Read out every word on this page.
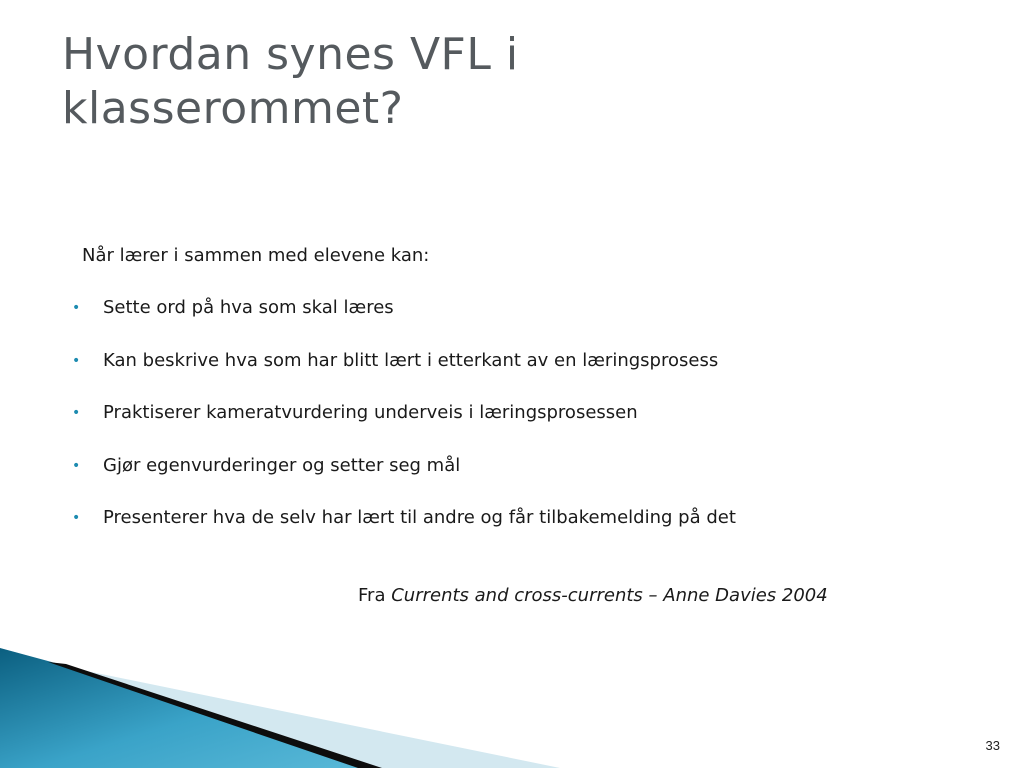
Hvordan synes VFL i klasserommet?
Når lærer i sammen med elevene kan:
• Sette ord på hva som skal læres
• Kan beskrive hva som har blitt lært i etterkant av en læringsprosess
• Praktiserer kameratvurdering underveis i læringsprosessen
• Gjør egenvurderinger og setter seg mål
• Presenterer hva de selv har lært til andre og får tilbakemelding på det
Fra Currents and cross-currents – Anne Davies 2004
33
